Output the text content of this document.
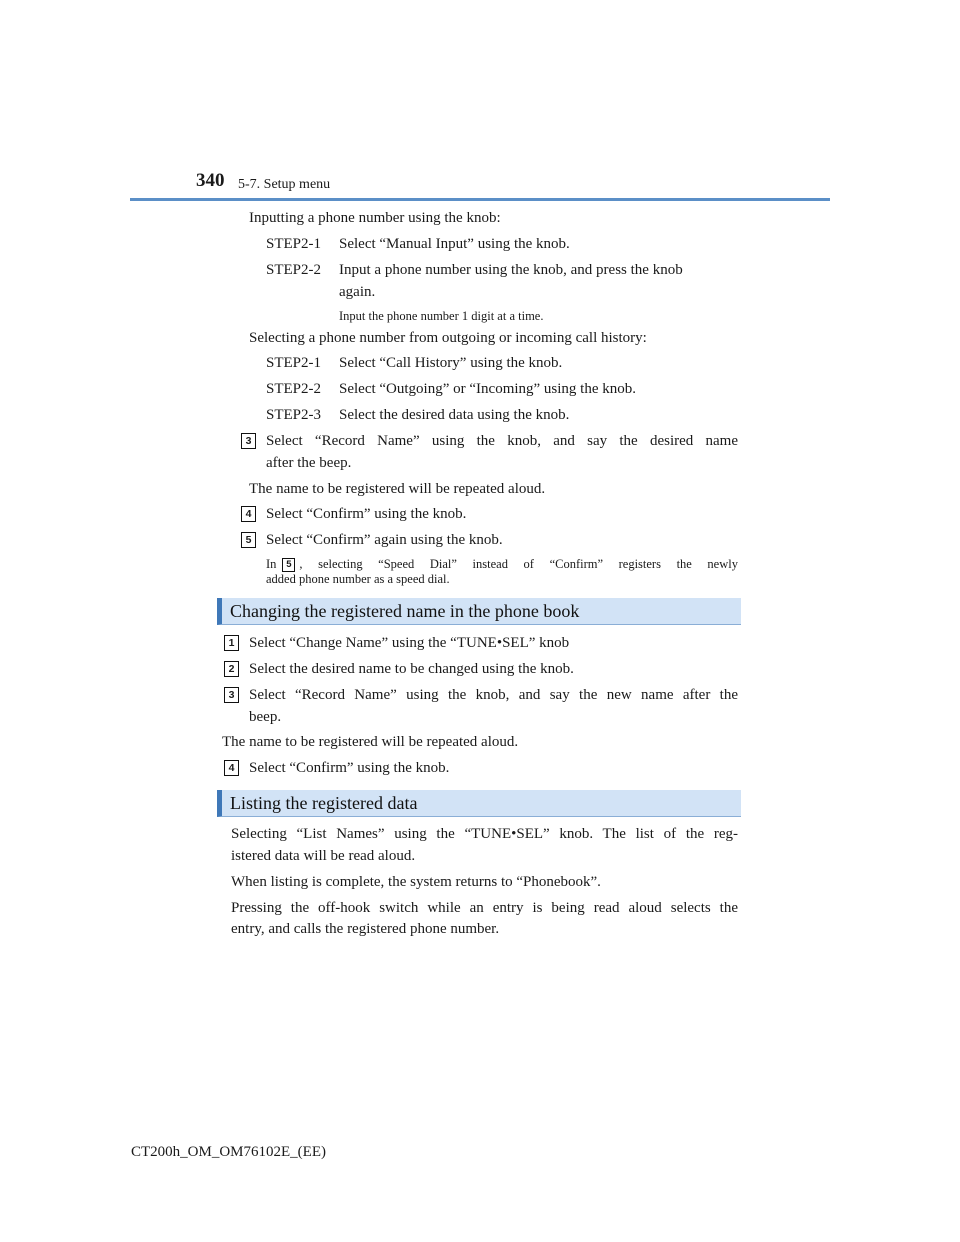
340 5-7. Setup menu
Inputting a phone number using the knob:
STEP2-1 Select “Manual Input” using the knob.
STEP2-2 Input a phone number using the knob, and press the knob
again.
Input the phone number 1 digit at a time.
Selecting a phone number from outgoing or incoming call history:
STEP2-1 Select “Call History” using the knob.
STEP2-2 Select “Outgoing” or “Incoming” using the knob.
STEP2-3 Select the desired data using the knob.
3 Select “Record Name” using the knob, and say the desired name
after the beep.
The name to be registered will be repeated aloud.
4 Select “Confirm” using the knob.
5 Select “Confirm” again using the knob.
In	5 , selecting “Speed Dial” instead of “Confirm” registers the newly
added phone number as a speed dial.
Changing the registered name in the phone book
1 Select “Change Name” using the “TUNE•SEL” knob
2 Select the desired name to be changed using the knob.
3 Select “Record Name” using the knob, and say the new name after the
beep.
The name to be registered will be repeated aloud.
4 Select “Confirm” using the knob.
Listing the registered data
Selecting “List Names” using the “TUNE•SEL” knob. The list of the reg-
istered data will be read aloud.
When listing is complete, the system returns to “Phonebook”.
Pressing the off-hook switch while an entry is being read aloud selects the
entry, and calls the registered phone number.
CT200h_OM_OM76102E_(EE)
